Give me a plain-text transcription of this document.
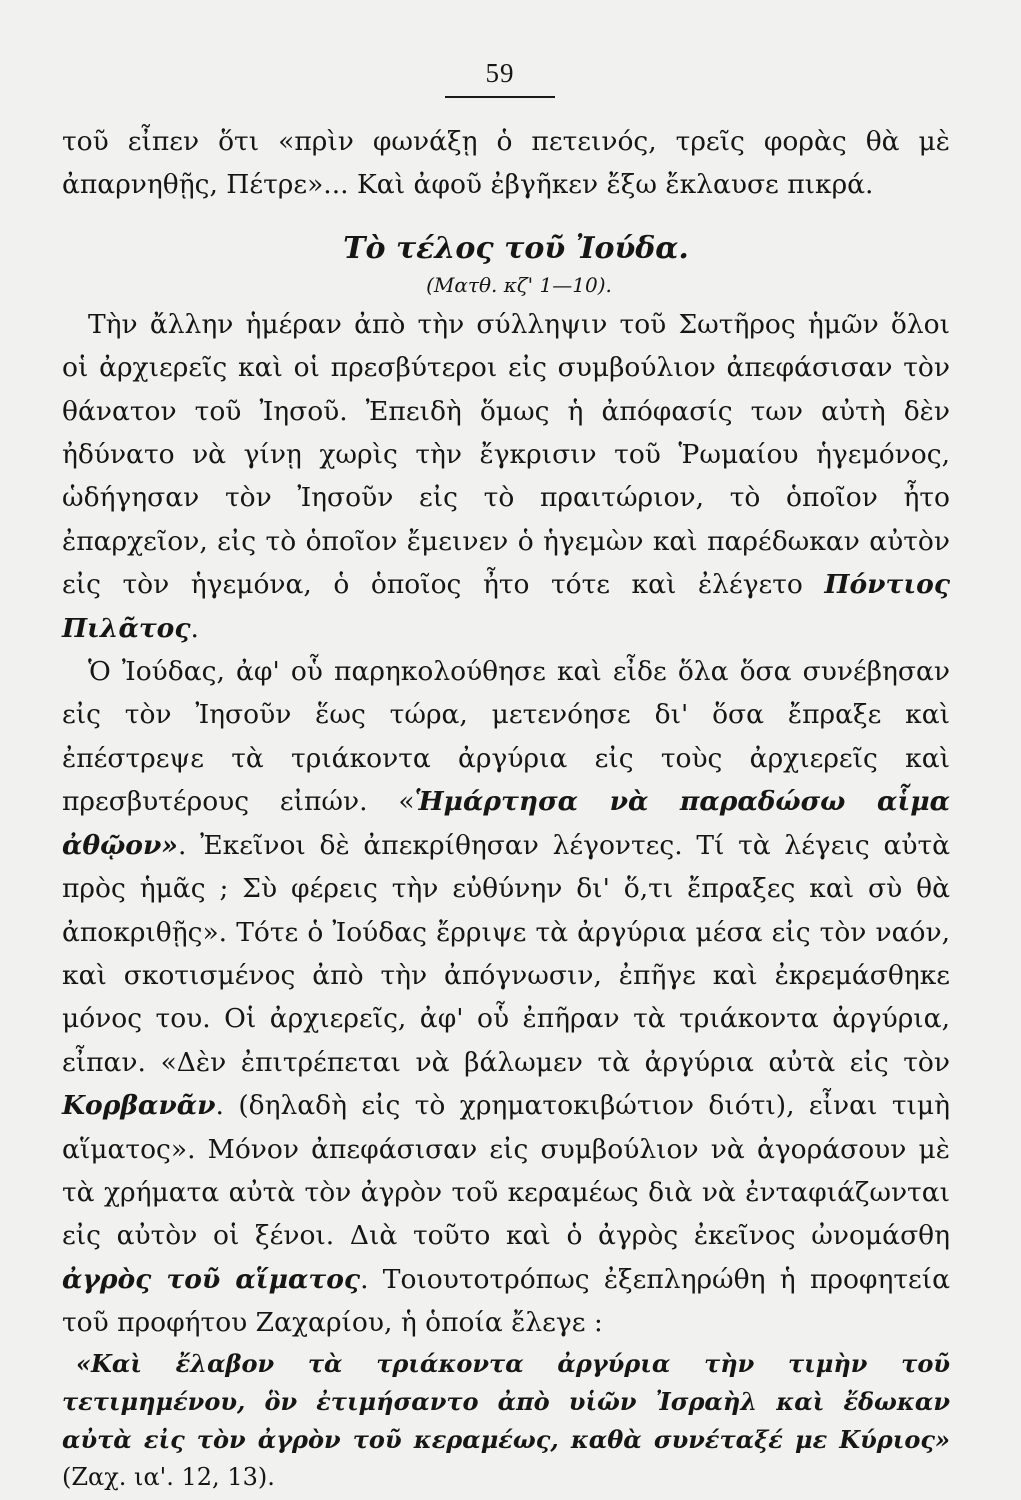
59

τοῦ εἶπεν ὅτι «πρὶν φωνάξῃ ὁ πετεινός, τρεῖς φορὰς θὰ μὲ ἀπαρνηθῇς, Πέτρε»... Καὶ ἀφοῦ ἐβγῆκεν ἔξω ἔκλαυσε πικρά.

Τὸ τέλος τοῦ Ἰούδα.
(Ματθ. κζ' 1—10).

Τὴν ἄλλην ἡμέραν ἀπὸ τὴν σύλληψιν τοῦ Σωτῆρος ἡμῶν ὅλοι οἱ ἀρχιερεῖς καὶ οἱ πρεσβύτεροι εἰς συμβούλιον ἀπεφάσισαν τὸν θάνατον τοῦ Ἰησοῦ. Ἐπειδὴ ὅμως ἡ ἀπόφασίς των αὐτὴ δὲν ἠδύνατο νὰ γίνῃ χωρὶς τὴν ἔγκρισιν τοῦ Ῥωμαίου ἡγεμόνος, ὡδήγησαν τὸν Ἰησοῦν εἰς τὸ πραιτώριον, τὸ ὁποῖον ἦτο ἐπαρχεῖον, εἰς τὸ ὁποῖον ἔμεινεν ὁ ἡγεμὼν καὶ παρέδωκαν αὐτὸν εἰς τὸν ἡγεμόνα, ὁ ὁποῖος ἦτο τότε καὶ ἐλέγετο Πόντιος Πιλᾶτος.

Ὁ Ἰούδας, ἀφ' οὗ παρηκολούθησε καὶ εἶδε ὅλα ὅσα συνέβησαν εἰς τὸν Ἰησοῦν ἕως τώρα, μετενόησε δι' ὅσα ἔπραξε καὶ ἐπέστρεψε τὰ τριάκοντα ἀργύρια εἰς τοὺς ἀρχιερεῖς καὶ πρεσβυτέρους εἰπών. «Ἡμάρτησα νὰ παραδώσω αἷμα ἀθῷον». Ἐκεῖνοι δὲ ἀπεκρίθησαν λέγοντες. Τί τὰ λέγεις αὐτὰ πρὸς ἡμᾶς ; Σὺ φέρεις τὴν εὐθύνην δι' ὅ,τι ἔπραξες καὶ σὺ θὰ ἀποκριθῇς». Τότε ὁ Ἰούδας ἔρριψε τὰ ἀργύρια μέσα εἰς τὸν ναόν, καὶ σκοτισμένος ἀπὸ τὴν ἀπόγνωσιν, ἐπῆγε καὶ ἐκρεμάσθηκε μόνος του. Οἱ ἀρχιερεῖς, ἀφ' οὗ ἐπῆραν τὰ τριάκοντα ἀργύρια, εἶπαν. «Δὲν ἐπιτρέπεται νὰ βάλωμεν τὰ ἀργύρια αὐτὰ εἰς τὸν Κορβανᾶν. (δηλαδὴ εἰς τὸ χρηματοκιβώτιον διότι), εἶναι τιμὴ αἵματος». Μόνον ἀπεφάσισαν εἰς συμβούλιον νὰ ἀγοράσουν μὲ τὰ χρήματα αὐτὰ τὸν ἀγρὸν τοῦ κεραμέως διὰ νὰ ἐνταφιάζωνται εἰς αὐτὸν οἱ ξένοι. Διὰ τοῦτο καὶ ὁ ἀγρὸς ἐκεῖνος ὠνομάσθη ἀγρὸς τοῦ αἵματος. Τοιουτοτρόπως ἐξεπληρώθη ἡ προφητεία τοῦ προφήτου Ζαχαρίου, ἡ ὁποία ἔλεγε :

«Καὶ ἔλαβον τὰ τριάκοντα ἀργύρια τὴν τιμὴν τοῦ τετιμημένου, ὃν ἐτιμήσαντο ἀπὸ υἱῶν Ἰσραὴλ καὶ ἔδωκαν αὐτὰ εἰς τὸν ἀγρὸν τοῦ κεραμέως, καθὰ συνέταξέ με Κύριος» (Ζαχ. ια'. 12, 13).
